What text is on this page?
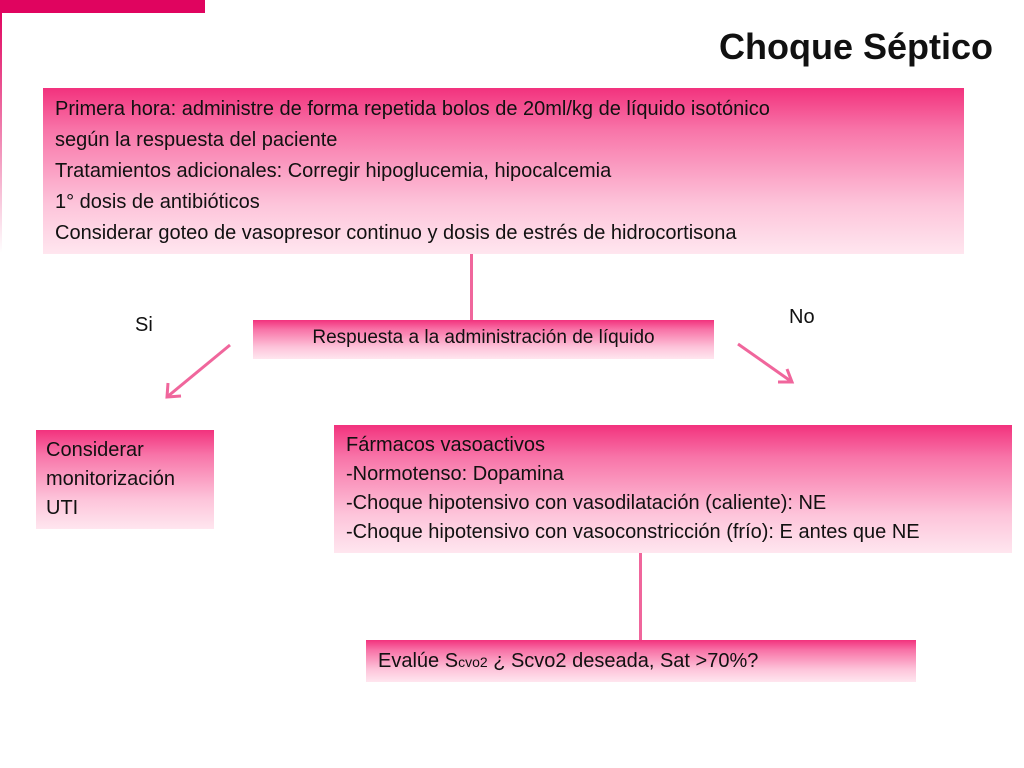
Choque Séptico
Primera hora: administre de forma repetida bolos de 20ml/kg de líquido isotónico
según la respuesta del paciente
Tratamientos adicionales: Corregir hipoglucemia, hipocalcemia
1° dosis de antibióticos
Considerar goteo de vasopresor continuo y dosis de estrés de hidrocortisona
Respuesta a la administración de líquido
Si	No
Considerar
monitorización
UTI
Fármacos vasoactivos
-Normotenso: Dopamina
-Choque hipotensivo con vasodilatación (caliente): NE
-Choque hipotensivo con vasoconstricción (frío): E antes que NE
Evalúe Scvo2 ¿ Scvo2 deseada, Sat >70%?
